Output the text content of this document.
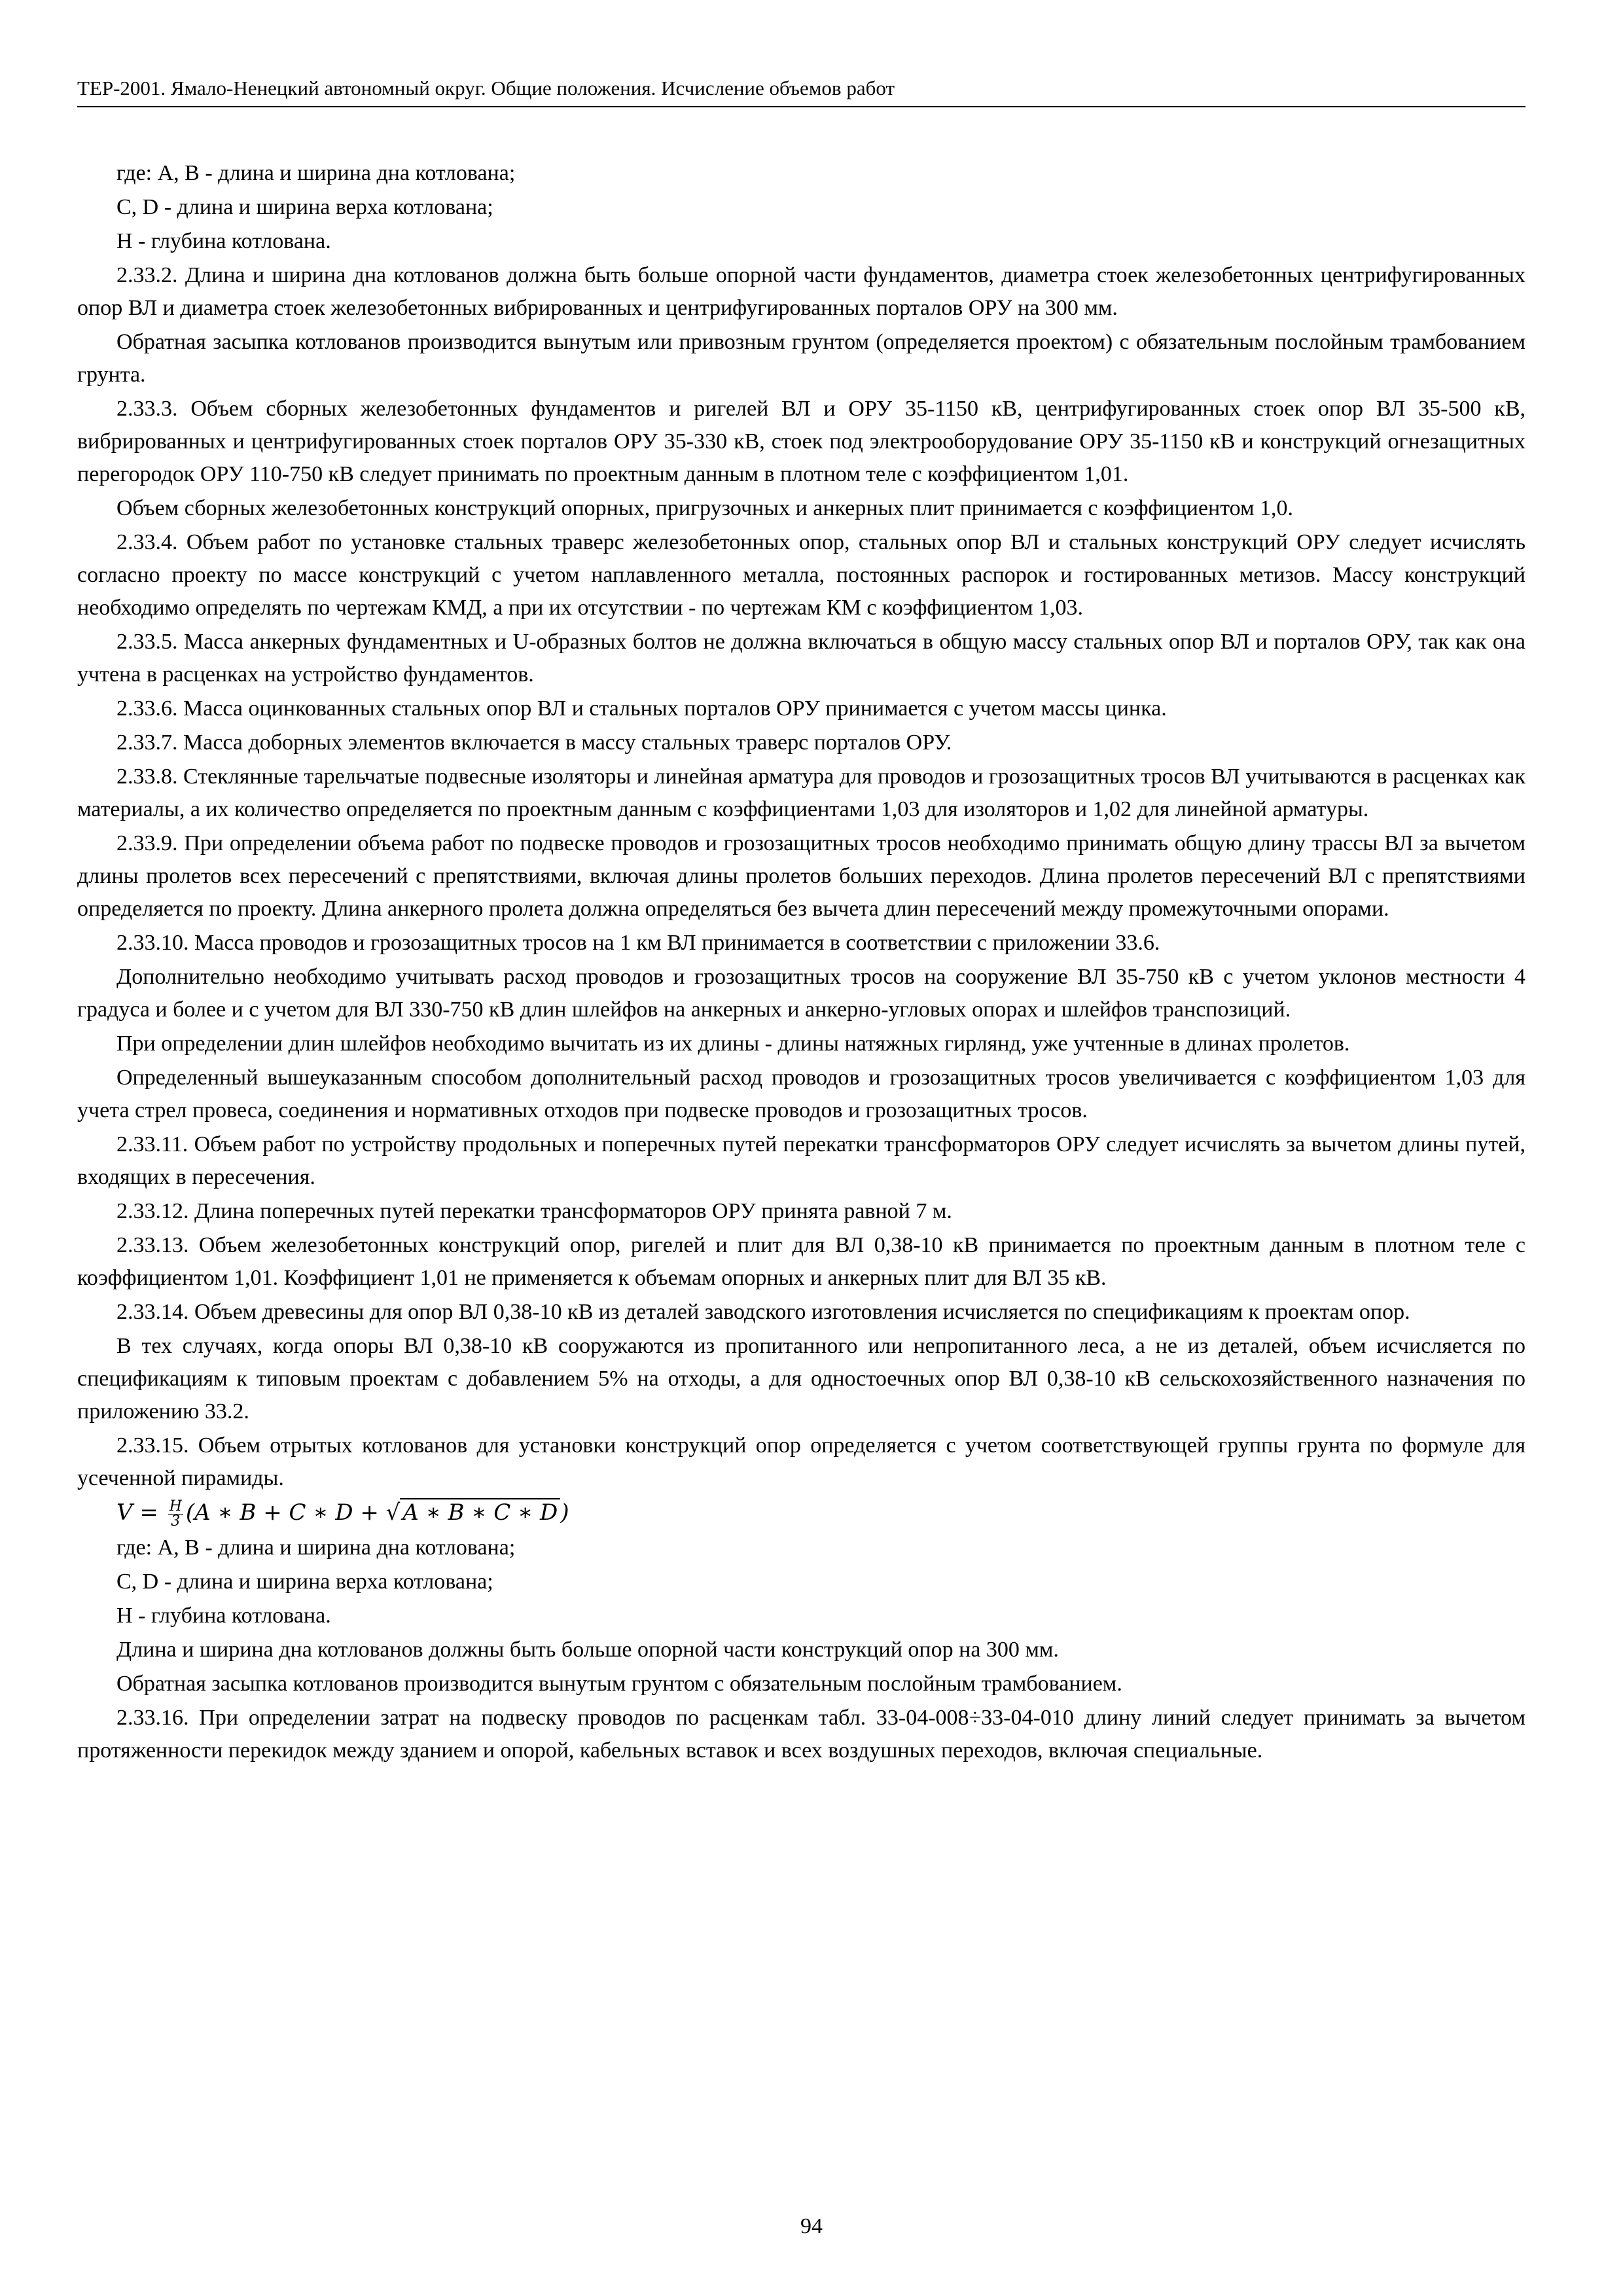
ТЕР-2001. Ямало-Ненецкий автономный округ. Общие положения. Исчисление объемов работ

где: А, В - длина и ширина дна котлована;

С, D - длина и ширина верха котлована;

Н - глубина котлована.

2.33.2. Длина и ширина дна котлованов должна быть больше опорной части фундаментов, диаметра стоек железобетонных центрифугированных опор ВЛ и диаметра стоек железобетонных вибрированных и центрифугированных порталов ОРУ на 300 мм.

Обратная засыпка котлованов производится вынутым или привозным грунтом (определяется проектом) с обязательным послойным трамбованием грунта.

2.33.3. Объем сборных железобетонных фундаментов и ригелей ВЛ и ОРУ 35-1150 кВ, центрифугированных стоек опор ВЛ 35-500 кВ, вибрированных и центрифугированных стоек порталов ОРУ 35-330 кВ, стоек под электрооборудование ОРУ 35-1150 кВ и конструкций огнезащитных перегородок ОРУ 110-750 кВ следует принимать по проектным данным в плотном теле с коэффициентом 1,01.

Объем сборных железобетонных конструкций опорных, пригрузочных и анкерных плит принимается с коэффициентом 1,0.

2.33.4. Объем работ по установке стальных траверс железобетонных опор, стальных опор ВЛ и стальных конструкций ОРУ следует исчислять согласно проекту по массе конструкций с учетом наплавленного металла, постоянных распорок и гостированных метизов. Массу конструкций необходимо определять по чертежам КМД, а при их отсутствии - по чертежам КМ с коэффициентом 1,03.

2.33.5. Масса анкерных фундаментных и U-образных болтов не должна включаться в общую массу стальных опор ВЛ и порталов ОРУ, так как она учтена в расценках на устройство фундаментов.

2.33.6. Масса оцинкованных стальных опор ВЛ и стальных порталов ОРУ принимается с учетом массы цинка.

2.33.7. Масса доборных элементов включается в массу стальных траверс порталов ОРУ.

2.33.8. Стеклянные тарельчатые подвесные изоляторы и линейная арматура для проводов и грозозащитных тросов ВЛ учитываются в расценках как материалы, а их количество определяется по проектным данным с коэффициентами 1,03 для изоляторов и 1,02 для линейной арматуры.

2.33.9. При определении объема работ по подвеске проводов и грозозащитных тросов необходимо принимать общую длину трассы ВЛ за вычетом длины пролетов всех пересечений с препятствиями, включая длины пролетов больших переходов. Длина пролетов пересечений ВЛ с препятствиями определяется по проекту. Длина анкерного пролета должна определяться без вычета длин пересечений между промежуточными опорами.

2.33.10. Масса проводов и грозозащитных тросов на 1 км ВЛ принимается в соответствии с приложении 33.6.

Дополнительно необходимо учитывать расход проводов и грозозащитных тросов на сооружение ВЛ 35-750 кВ с учетом уклонов местности 4 градуса и более и с учетом для ВЛ 330-750 кВ длин шлейфов на анкерных и анкерно-угловых опорах и шлейфов транспозиций.

При определении длин шлейфов необходимо вычитать из их длины - длины натяжных гирлянд, уже учтенные в длинах пролетов.

Определенный вышеуказанным способом дополнительный расход проводов и грозозащитных тросов увеличивается с коэффициентом 1,03 для учета стрел провеса, соединения и нормативных отходов при подвеске проводов и грозозащитных тросов.

2.33.11. Объем работ по устройству продольных и поперечных путей перекатки трансформаторов ОРУ следует исчислять за вычетом длины путей, входящих в пересечения.

2.33.12. Длина поперечных путей перекатки трансформаторов ОРУ принята равной 7 м.

2.33.13. Объем железобетонных конструкций опор, ригелей и плит для ВЛ 0,38-10 кВ принимается по проектным данным в плотном теле с коэффициентом 1,01. Коэффициент 1,01 не применяется к объемам опорных и анкерных плит для ВЛ 35 кВ.

2.33.14. Объем древесины для опор ВЛ 0,38-10 кВ из деталей заводского изготовления исчисляется по спецификациям к проектам опор.

В тех случаях, когда опоры ВЛ 0,38-10 кВ сооружаются из пропитанного или непропитанного леса, а не из деталей, объем исчисляется по спецификациям к типовым проектам с добавлением 5% на отходы, а для одностоечных опор ВЛ 0,38-10 кВ сельскохозяйственного назначения по приложению 33.2.

2.33.15. Объем отрытых котлованов для установки конструкций опор определяется с учетом соответствующей группы грунта по формуле для усеченной пирамиды.

$V = \frac{H}{3} (A$ ∗ B + C ∗ D + √ A ∗ B ∗ C ∗ D )

где: А, В - длина и ширина дна котлована;

С, D - длина и ширина верха котлована;

Н - глубина котлована.

Длина и ширина дна котлованов должны быть больше опорной части конструкций опор на 300 мм.

Обратная засыпка котлованов производится вынутым грунтом с обязательным послойным трамбованием.

2.33.16. При определении затрат на подвеску проводов по расценкам табл. 33-04-008÷33-04-010 длину линий следует принимать за вычетом протяженности перекидок между зданием и опорой, кабельных вставок и всех воздушных переходов, включая специальные.

94
